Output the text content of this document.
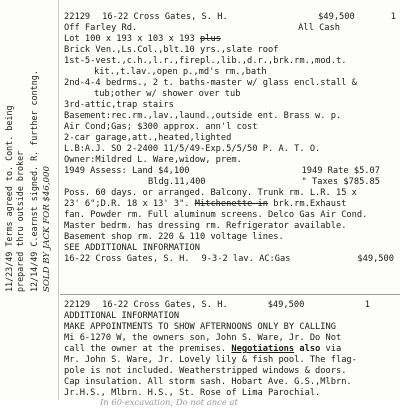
11/23/49 Terms agreed to. Cont. being prepared thru outside broker 12/14/49 C.earnst signed. R. further contng. SOLD BY JACK FOR $46,000
22129 16-22 Cross Gates, S. H.	$49,500	1
Off Farley Rd.	All Cash
Lot 100 x 193 x 103 x 193 plus
Brick Ven.,Ls.Col.,blt.10 yrs.,slate roof
1st-5-vest.,c.h.,l.r.,firepl.,lib.,d.r.,brk.rm.,mod.t.
kit.,t.lav.,open p.,md's rm.,bath
2nd-4-4 bedrms., 2 t. baths-master w/ glass encl.stall &
tub;other w/ shower over tub
3rd-attic,trap stairs
Basement:rec.rm.,lav.,laund.,outside ent. Brass w. p.
Air Cond;Gas; $300 approx. ann'l cost
2-car garage,att.,heated,lighted
L.B:A.J. SO 2-2400 11/5/49-Exp.5/5/50 P. A. T. O.
Owner:Mildred L. Ware,widow, prem.
1949 Assess: Land $4,100	1949 Rate $5.07
Bldg.11,400	" Taxes $785.85
Poss. 60 days. or arranged. Balcony. Trunk rm. L.R. 15 x
23' 6";D.R. 18 x 13' 3". Mitchenette in brk.rm.Exhaust
fan. Powder rm. Full aluminum screens. Delco Gas Air Cond.
Master bedrm. has dressing rm. Refrigerator available.
Basement shop rm. 220 & 110 voltage lines.
SEE ADDITIONAL INFORMATION
16-22 Cross Gates, S. H. 9-3-2 lav. AC:Gas	$49,500
22129 16-22 Cross Gates, S. H.	$49,500	1
ADDITIONAL INFORMATION
MAKE APPOINTMENTS TO SHOW AFTERNOONS ONLY BY CALLING
Mi 6-1270 W, the owners son, John S. Ware, Jr. Do Not
call the owner at the premises. Negotiations also via
Mr. John S. Ware, Jr. Lovely lily & fish pool. The flag-
pole is not included. Weatherstripped windows & doors.
Cap insulation. All storm sash. Hobart Ave. G.S.,Mlbrn.
Jr.H.S., Mlbrn. H.S., St. Rose of Lima Parochial.
In 60-excavation; Do not ance at
